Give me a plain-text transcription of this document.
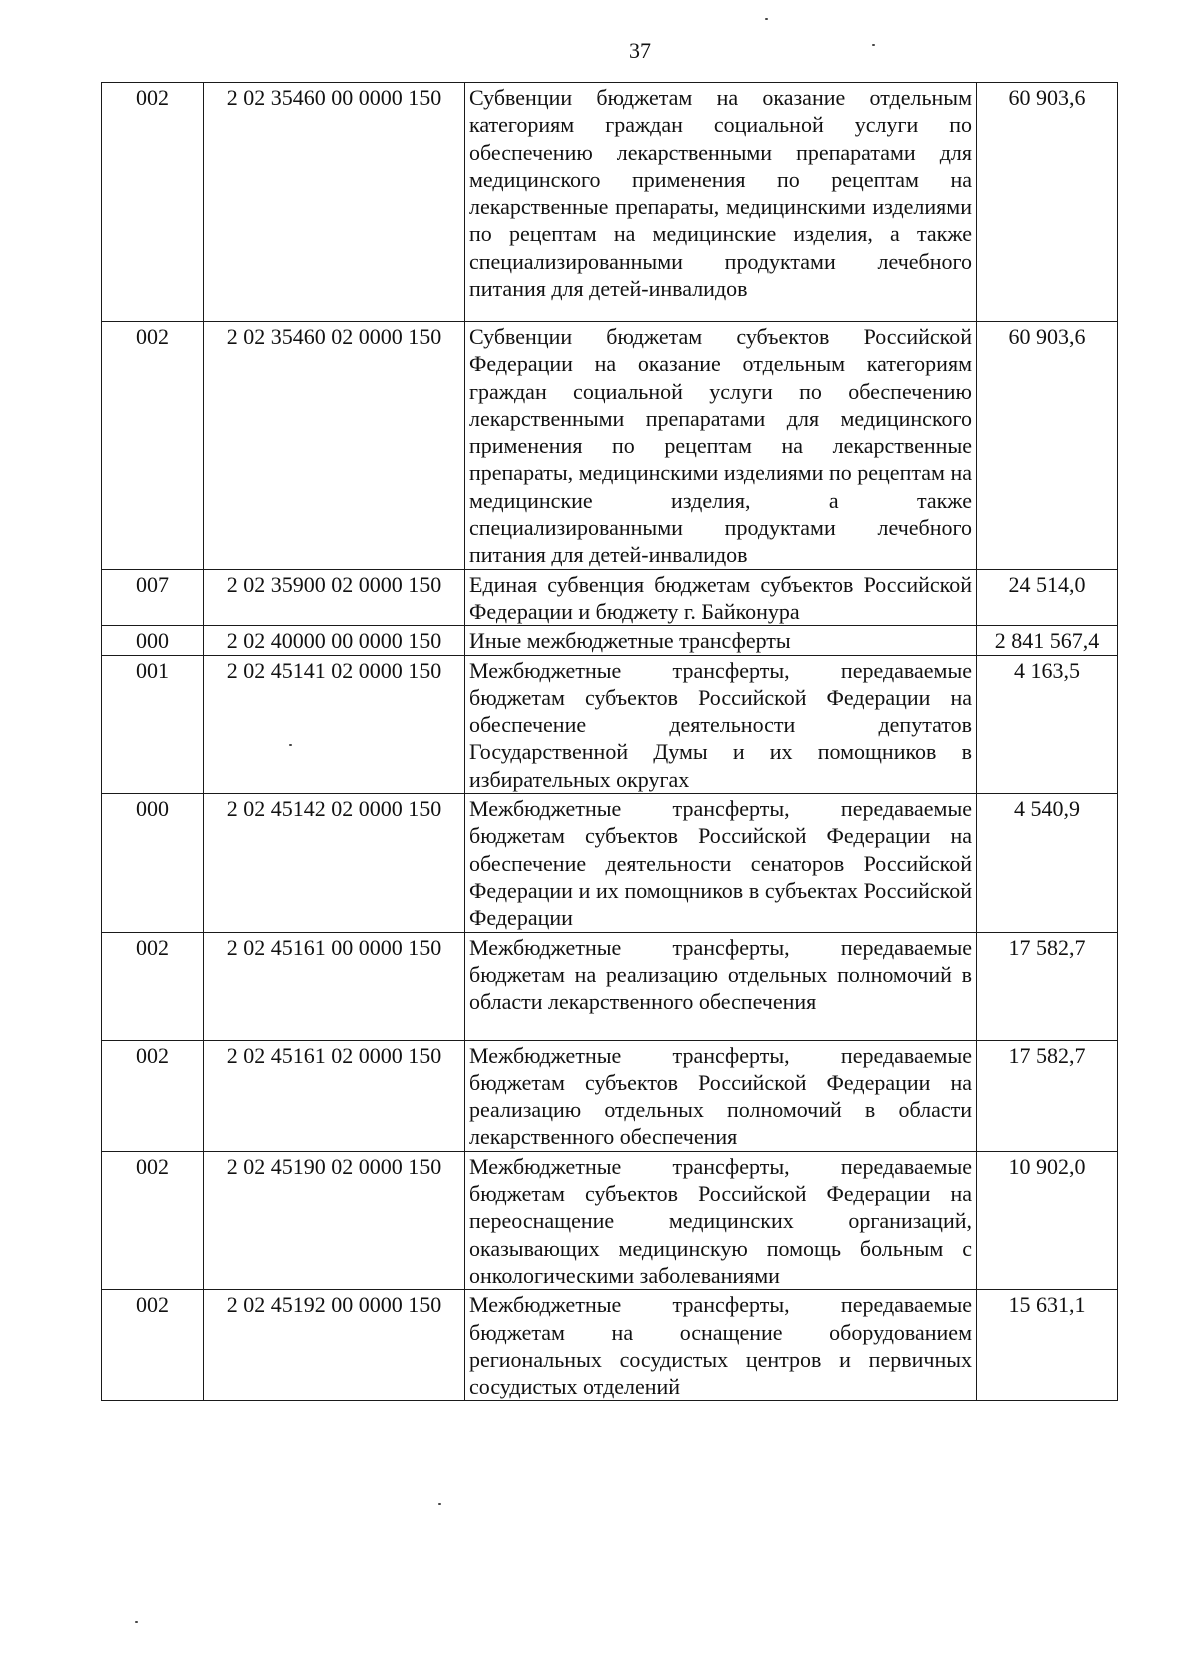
37
002	2 02 35460 00 0000 150	Субвенции бюджетам на оказание отдельным категориям граждан социальной услуги по обеспечению лекарственными препаратами для медицинского применения по рецептам на лекарственные препараты, медицинскими изделиями по рецептам на медицинские изделия, а также специализированными продуктами лечебного питания для детей-инвалидов	60 903,6
002	2 02 35460 02 0000 150	Субвенции бюджетам субъектов Российской Федерации на оказание отдельным категориям граждан социальной услуги по обеспечению лекарственными препаратами для медицинского применения по рецептам на лекарственные препараты, медицинскими изделиями по рецептам на медицинские изделия, а также специализированными продуктами лечебного питания для детей-инвалидов	60 903,6
007	2 02 35900 02 0000 150	Единая субвенция бюджетам субъектов Российской Федерации и бюджету г. Байконура	24 514,0
000	2 02 40000 00 0000 150	Иные межбюджетные трансферты	2 841 567,4
001	2 02 45141 02 0000 150	Межбюджетные трансферты, передаваемые бюджетам субъектов Российской Федерации на обеспечение деятельности депутатов Государственной Думы и их помощников в избирательных округах	4 163,5
000	2 02 45142 02 0000 150	Межбюджетные трансферты, передаваемые бюджетам субъектов Российской Федерации на обеспечение деятельности сенаторов Российской Федерации и их помощников в субъектах Российской Федерации	4 540,9
002	2 02 45161 00 0000 150	Межбюджетные трансферты, передаваемые бюджетам на реализацию отдельных полномочий в области лекарственного обеспечения	17 582,7
002	2 02 45161 02 0000 150	Межбюджетные трансферты, передаваемые бюджетам субъектов Российской Федерации на реализацию отдельных полномочий в области лекарственного обеспечения	17 582,7
002	2 02 45190 02 0000 150	Межбюджетные трансферты, передаваемые бюджетам субъектов Российской Федерации на переоснащение медицинских организаций, оказывающих медицинскую помощь больным с онкологическими заболеваниями	10 902,0
002	2 02 45192 00 0000 150	Межбюджетные трансферты, передаваемые бюджетам на оснащение оборудованием региональных сосудистых центров и первичных сосудистых отделений	15 631,1
